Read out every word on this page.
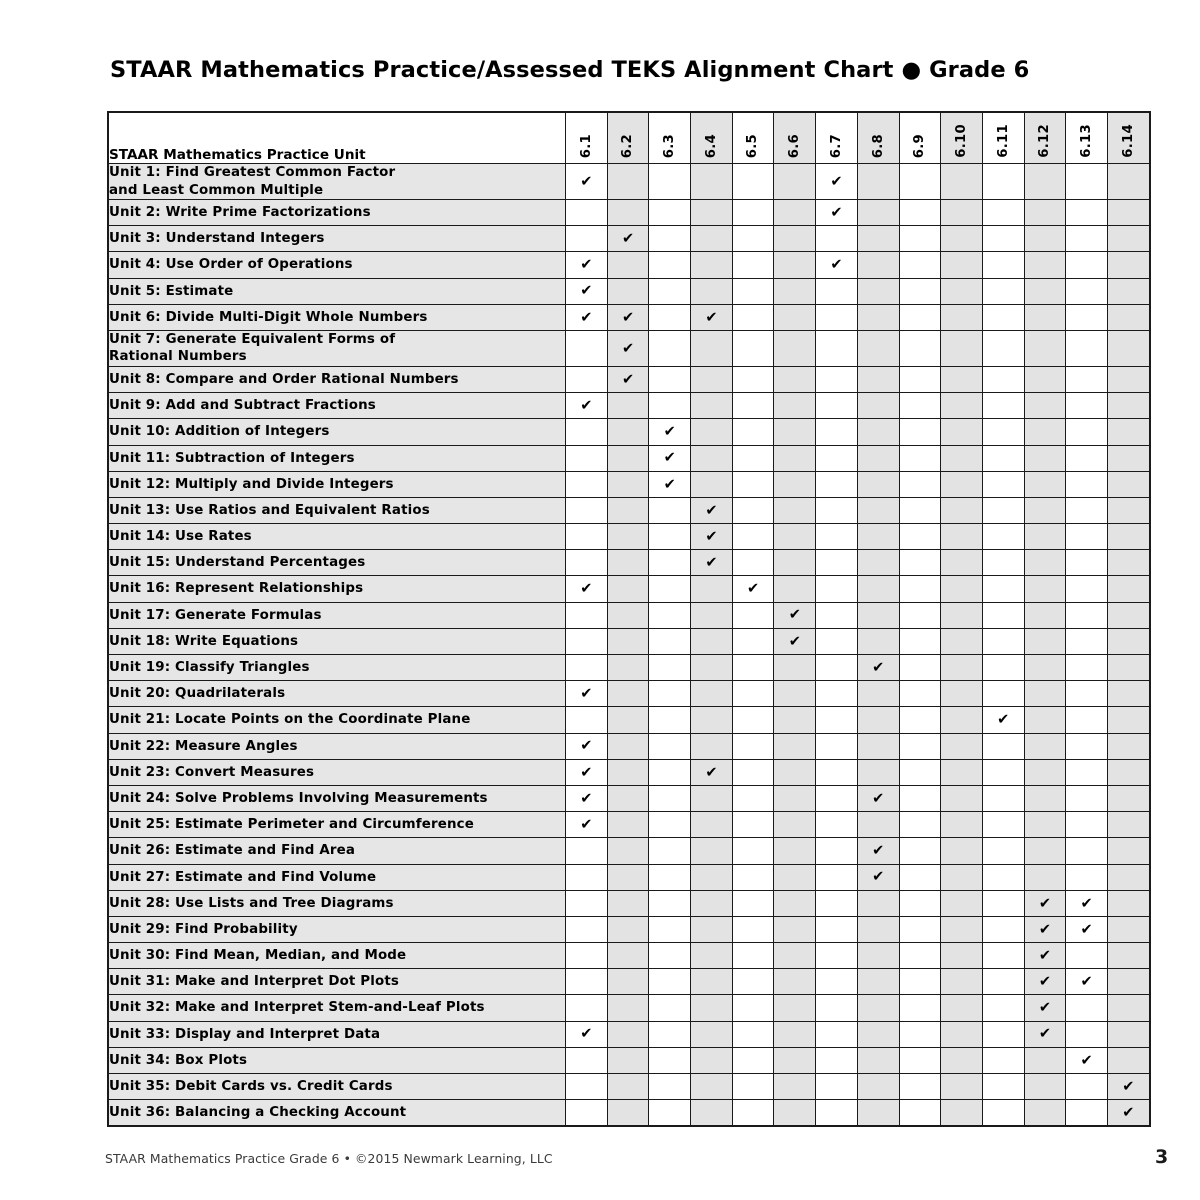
STAAR Mathematics Practice/Assessed TEKS Alignment Chart ● Grade 6
STAAR Mathematics Practice Unit	6.1	6.2	6.3	6.4	6.5	6.6	6.7	6.8	6.9	6.10	6.11	6.12	6.13	6.14

Unit 1: Find Greatest Common Factor
and Least Common Multiple	✔						✔							

Unit 2: Write Prime Factorizations							✔							

Unit 3: Understand Integers		✔												

Unit 4: Use Order of Operations	✔						✔							

Unit 5: Estimate	✔													

Unit 6: Divide Multi-Digit Whole Numbers	✔	✔		✔										

Unit 7: Generate Equivalent Forms of
Rational Numbers		✔												

Unit 8: Compare and Order Rational Numbers		✔												

Unit 9: Add and Subtract Fractions	✔													

Unit 10: Addition of Integers			✔											

Unit 11: Subtraction of Integers			✔											

Unit 12: Multiply and Divide Integers			✔											

Unit 13: Use Ratios and Equivalent Ratios				✔										

Unit 14: Use Rates				✔										

Unit 15: Understand Percentages				✔										

Unit 16: Represent Relationships	✔				✔									

Unit 17: Generate Formulas						✔								

Unit 18: Write Equations						✔								

Unit 19: Classify Triangles								✔						

Unit 20: Quadrilaterals	✔													

Unit 21: Locate Points on the Coordinate Plane											✔			

Unit 22: Measure Angles	✔													

Unit 23: Convert Measures	✔			✔										

Unit 24: Solve Problems Involving Measurements	✔							✔						

Unit 25: Estimate Perimeter and Circumference	✔													

Unit 26: Estimate and Find Area								✔						

Unit 27: Estimate and Find Volume								✔						

Unit 28: Use Lists and Tree Diagrams												✔	✔	

Unit 29: Find Probability												✔	✔	

Unit 30: Find Mean, Median, and Mode												✔		

Unit 31: Make and Interpret Dot Plots												✔	✔	

Unit 32: Make and Interpret Stem-and-Leaf Plots												✔		

Unit 33: Display and Interpret Data	✔											✔		

Unit 34: Box Plots													✔	

Unit 35: Debit Cards vs. Credit Cards														✔

Unit 36: Balancing a Checking Account														✔
STAAR Mathematics Practice Grade 6 • ©2015 Newmark Learning, LLC	3
